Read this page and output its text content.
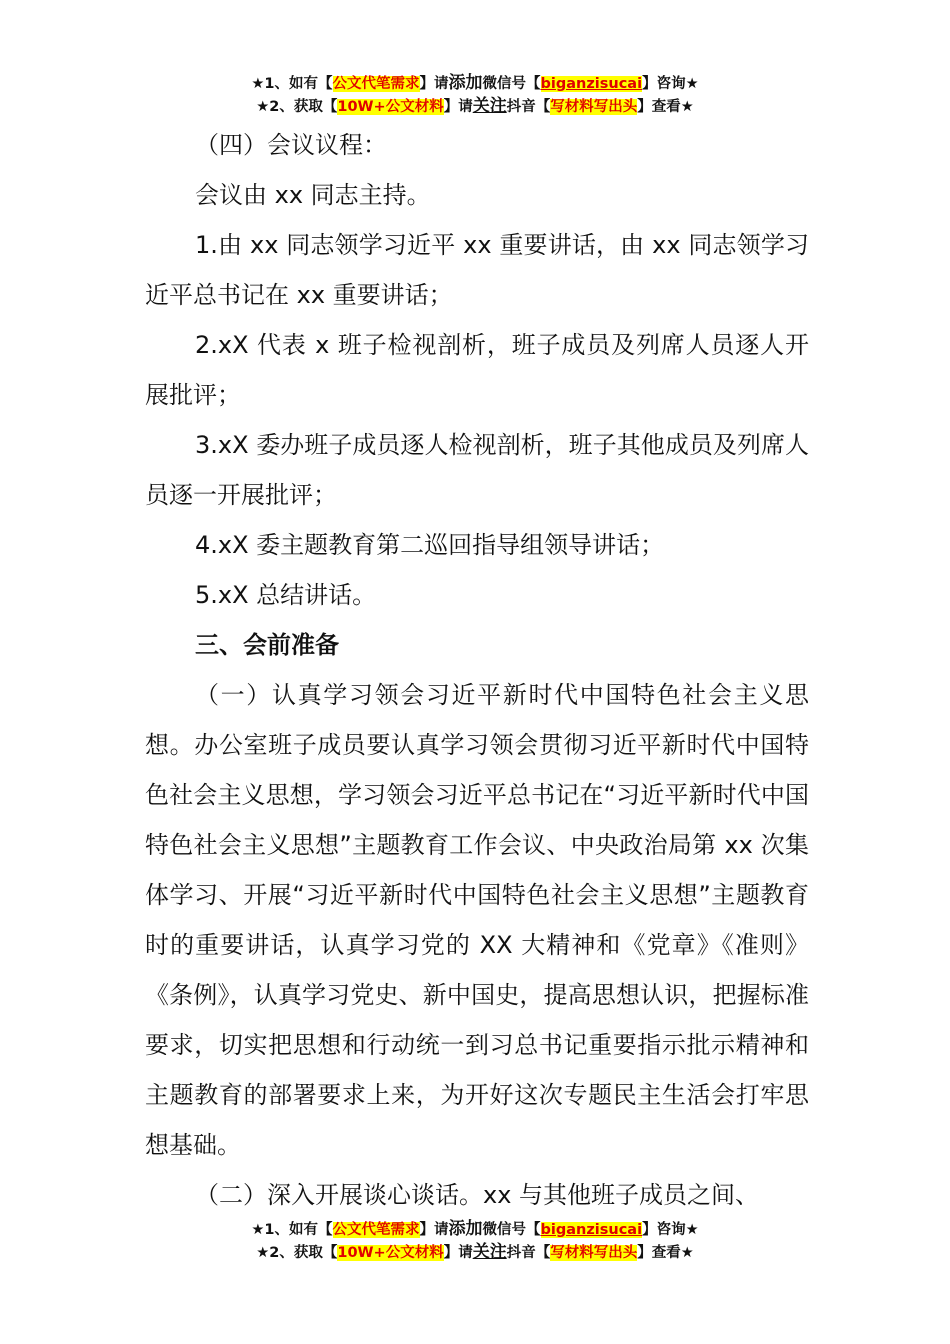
★1、如有【公文代笔需求】请添加微信号【biganzisucai】咨询★
★2、获取【10W+公文材料】请关注抖音【写材料写出头】查看★

（四）会议议程：

会议由 xx 同志主持。

1.由 xx 同志领学习近平 xx 重要讲话，由 xx 同志领学习近平总书记在 xx 重要讲话；

2.xX 代表 x 班子检视剖析，班子成员及列席人员逐人开展批评；

3.xX 委办班子成员逐人检视剖析，班子其他成员及列席人员逐一开展批评；

4.xX 委主题教育第二巡回指导组领导讲话；

5.xX 总结讲话。

三、会前准备

（一）认真学习领会习近平新时代中国特色社会主义思想。办公室班子成员要认真学习领会贯彻习近平新时代中国特色社会主义思想，学习领会习近平总书记在“习近平新时代中国特色社会主义思想”主题教育工作会议、中央政治局第 xx 次集体学习、开展“习近平新时代中国特色社会主义思想”主题教育时的重要讲话，认真学习党的 XX 大精神和《党章》《准则》《条例》，认真学习党史、新中国史，提高思想认识，把握标准要求，切实把思想和行动统一到习总书记重要指示批示精神和主题教育的部署要求上来，为开好这次专题民主生活会打牢思想基础。

（二）深入开展谈心谈话。xx 与其他班子成员之间、

★1、如有【公文代笔需求】请添加微信号【biganzisucai】咨询★
★2、获取【10W+公文材料】请关注抖音【写材料写出头】查看★
